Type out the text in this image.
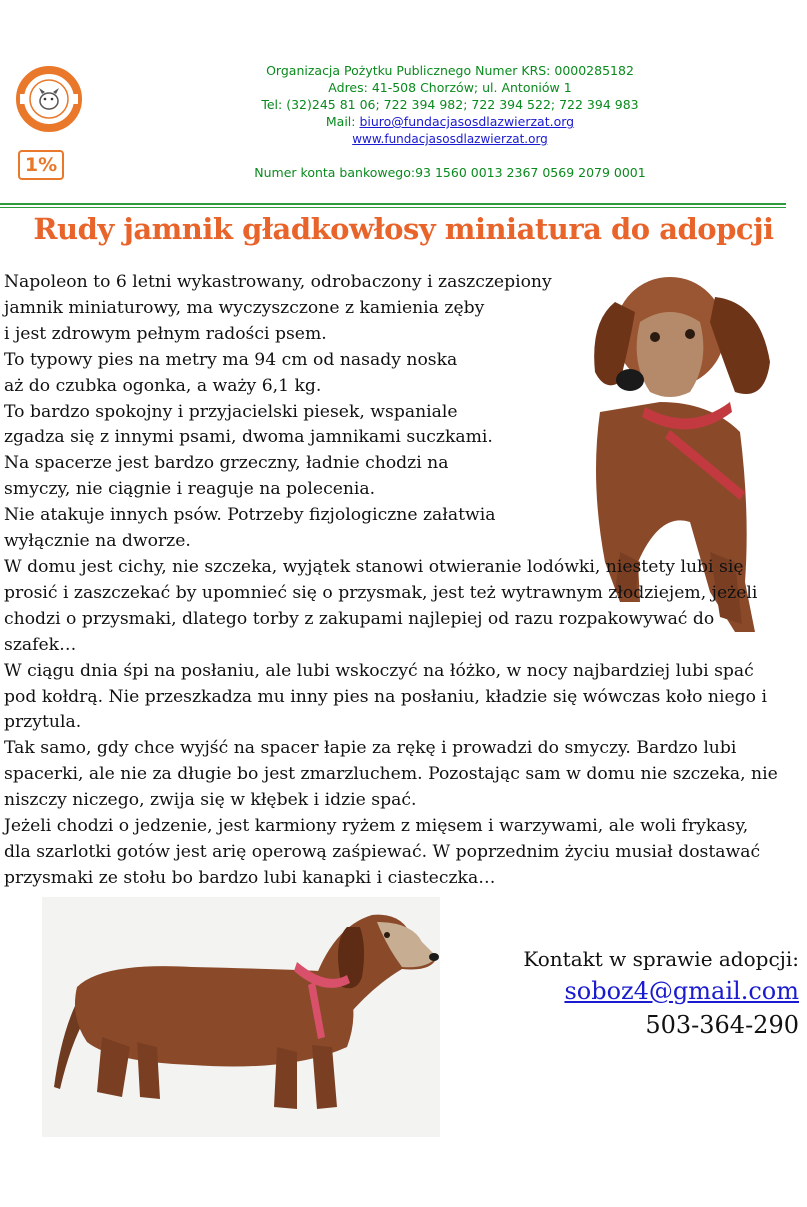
1%
Organizacja Pożytku Publicznego Numer KRS: 0000285182
Adres: 41-508 Chorzów; ul. Antoniów 1
Tel: (32)245 81 06; 722 394 982; 722 394 522; 722 394 983
Mail: biuro@fundacjasosdlazwierzat.org
www.fundacjasosdlazwierzat.org
Numer konta bankowego:93 1560 0013 2367 0569 2079 0001
Rudy jamnik gładkowłosy miniatura do adopcji
Napoleon to 6 letni wykastrowany, odrobaczony i zaszczepiony
jamnik miniaturowy, ma wyczyszczone z kamienia zęby
i jest zdrowym pełnym radości psem.
To typowy pies na metry ma 94 cm od nasady noska
aż do czubka ogonka, a waży 6,1 kg.
To bardzo spokojny i przyjacielski piesek, wspaniale
zgadza się z innymi psami, dwoma jamnikami suczkami.
Na spacerze jest bardzo grzeczny, ładnie chodzi na
smyczy, nie ciągnie i reaguje na polecenia.
Nie atakuje innych psów. Potrzeby fizjologiczne załatwia
wyłącznie na dworze.
W domu jest cichy, nie szczeka, wyjątek stanowi otwieranie lodówki, niestety lubi się
prosić i zaszczekać by upomnieć się o przysmak, jest też wytrawnym złodziejem, jeżeli
chodzi o przysmaki, dlatego torby z zakupami najlepiej od razu rozpakowywać do
szafek…
W ciągu dnia śpi na posłaniu, ale lubi wskoczyć na łóżko, w nocy najbardziej lubi spać
pod kołdrą. Nie przeszkadza mu inny pies na posłaniu, kładzie się wówczas koło niego i
przytula.
Tak samo, gdy chce wyjść na spacer łapie za rękę i prowadzi do smyczy. Bardzo lubi
spacerki, ale nie za długie bo jest zmarzluchem. Pozostając sam w domu nie szczeka, nie
niszczy niczego, zwija się w kłębek i idzie spać.
Jeżeli chodzi o jedzenie, jest karmiony ryżem z mięsem i warzywami, ale woli frykasy,
dla szarlotki gotów jest arię operową zaśpiewać. W poprzednim życiu musiał dostawać
przysmaki ze stołu bo bardzo lubi kanapki i ciasteczka…
Kontakt w sprawie adopcji:
soboz4@gmail.com
503-364-290
